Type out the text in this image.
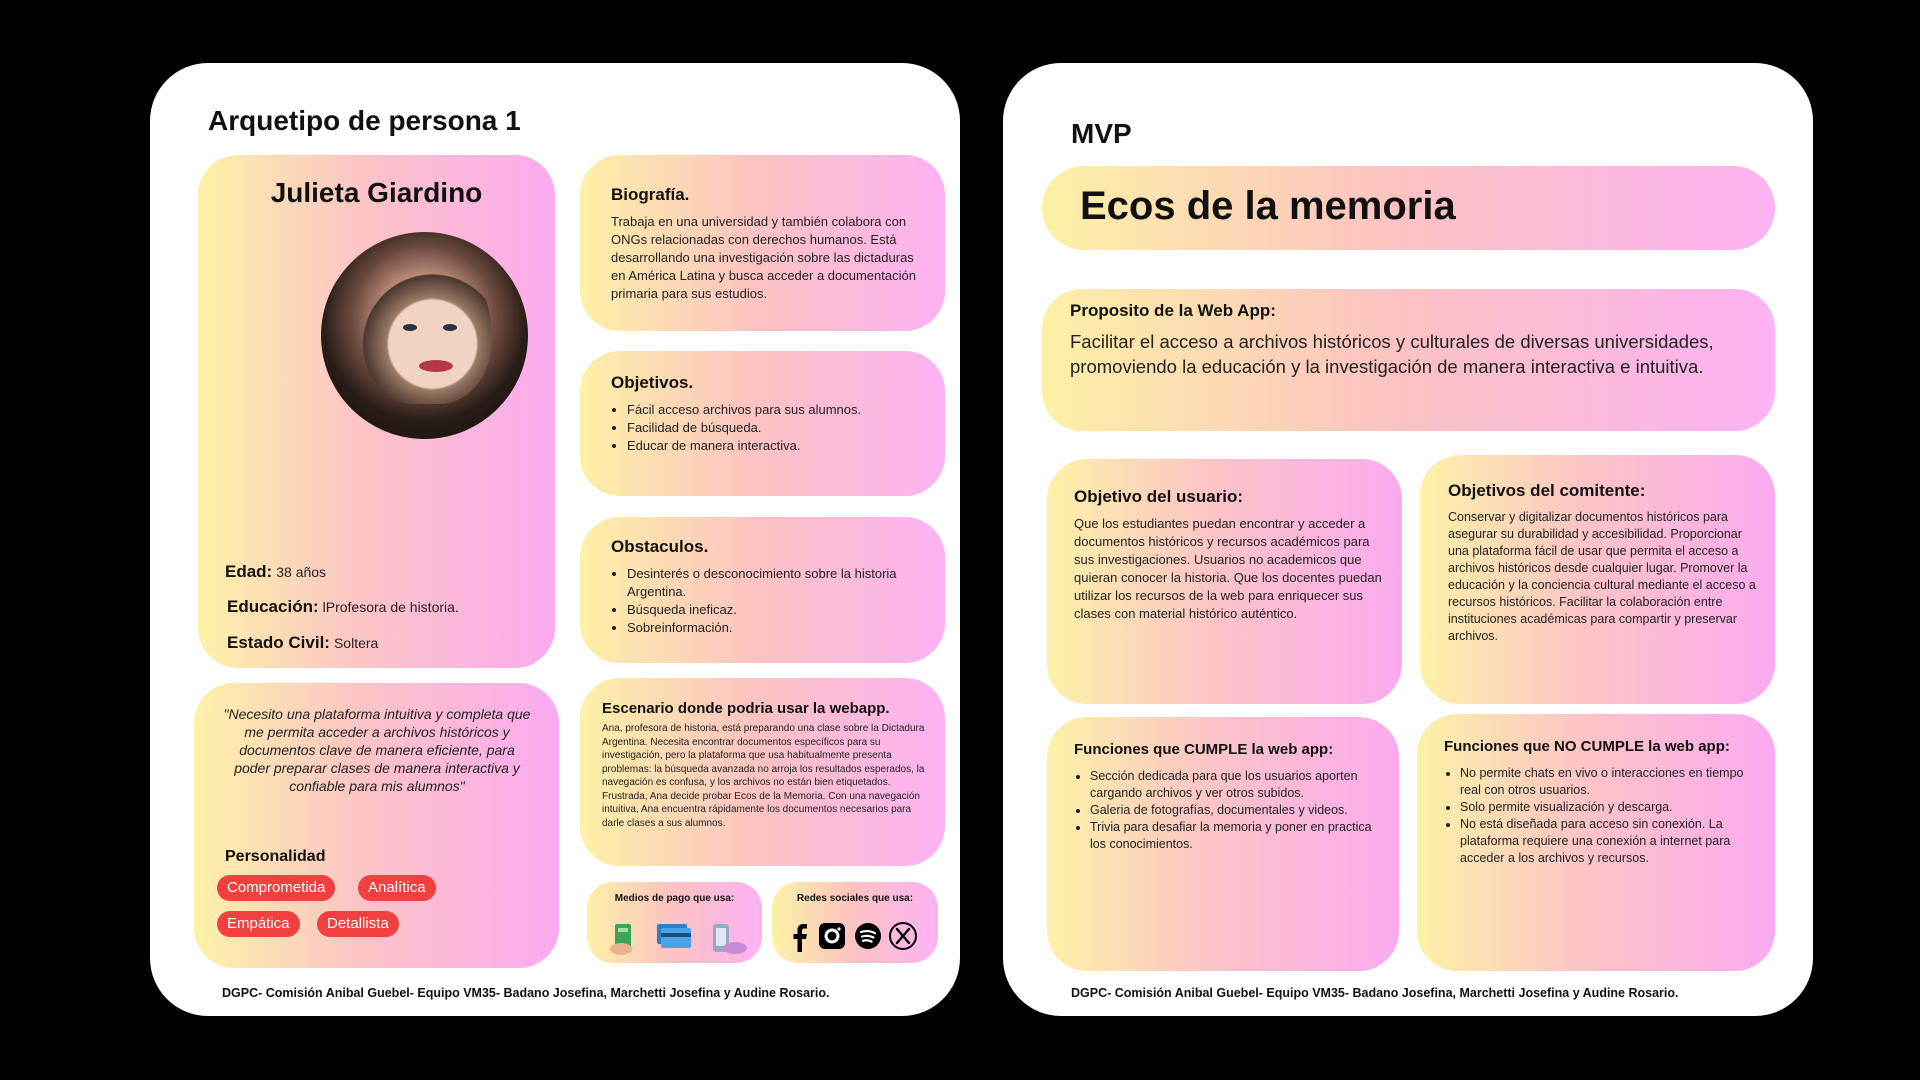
Arquetipo de persona 1
Julieta Giardino
Edad: 38 años
Educación: lProfesora de historia.
Estado Civil: Soltera
Biografía.

Trabaja en una universidad y también colabora con ONGs relacionadas con derechos humanos. Está desarrollando una investigación sobre las dictaduras en América Latina y busca acceder a documentación primaria para sus estudios.

Objetivos.
• Fácil acceso archivos para sus alumnos.
• Facilidad de búsqueda.
• Educar de manera interactiva.
Obstaculos.
• Desinterés o desconocimiento sobre la historia Argentina.
• Búsqueda ineficaz.
• Sobreinformación.
"Necesito una plataforma intuitiva y completa que me permita acceder a archivos históricos y documentos clave de manera eficiente, para poder preparar clases de manera interactiva y confiable para mis alumnos"
Personalidad
Comprometida	Analítica
Empática	Detallista
Escenario donde podria usar la webapp.

Ana, profesora de historia, está preparando una clase sobre la Dictadura Argentina. Necesita encontrar documentos específicos para su investigación, pero la plataforma que usa habitualmente presenta problemas: la búsqueda avanzada no arroja los resultados esperados, la navegación es confusa, y los archivos no están bien etiquetados. Frustrada, Ana decide probar Ecos de la Memoria. Con una navegación intuitiva, Ana encuentra rápidamente los documentos necesarios para darle clases a sus alumnos.

Medios de pago que usa:	Redes sociales que usa:
DGPC- Comisión Anibal Guebel- Equipo VM35- Badano Josefina, Marchetti Josefina y Audine Rosario.
MVP
Ecos de la memoria
Proposito de la Web App:

Facilitar el acceso a archivos históricos y culturales de diversas universidades, promoviendo la educación y la investigación de manera interactiva e intuitiva.

Objetivo del usuario:

Que los estudiantes puedan encontrar y acceder a documentos históricos y recursos académicos para sus investigaciones. Usuarios no academicos que quieran conocer la historia. Que los docentes puedan utilizar los recursos de la web para enriquecer sus clases con material histórico auténtico.

Objetivos del comitente:

Conservar y digitalizar documentos históricos para asegurar su durabilidad y accesibilidad. Proporcionar una plataforma fácil de usar que permita el acceso a archivos históricos desde cualquier lugar. Promover la educación y la conciencia cultural mediante el acceso a recursos históricos. Facilitar la colaboración entre instituciones académicas para compartir y preservar archivos.

Funciones que CUMPLE la web app:
• Sección dedicada para que los usuarios aporten cargando archivos y ver otros subidos.
• Galeria de fotografías, documentales y videos.
• Trivia para desafiar la memoria y poner en practica los conocimientos.
Funciones que NO CUMPLE la web app:
• No permite chats en vivo o interacciones en tiempo real con otros usuarios.
• Solo permite visualización y descarga.
• No está diseñada para acceso sin conexión. La plataforma requiere una conexión a internet para acceder a los archivos y recursos.
DGPC- Comisión Anibal Guebel- Equipo VM35- Badano Josefina, Marchetti Josefina y Audine Rosario.
